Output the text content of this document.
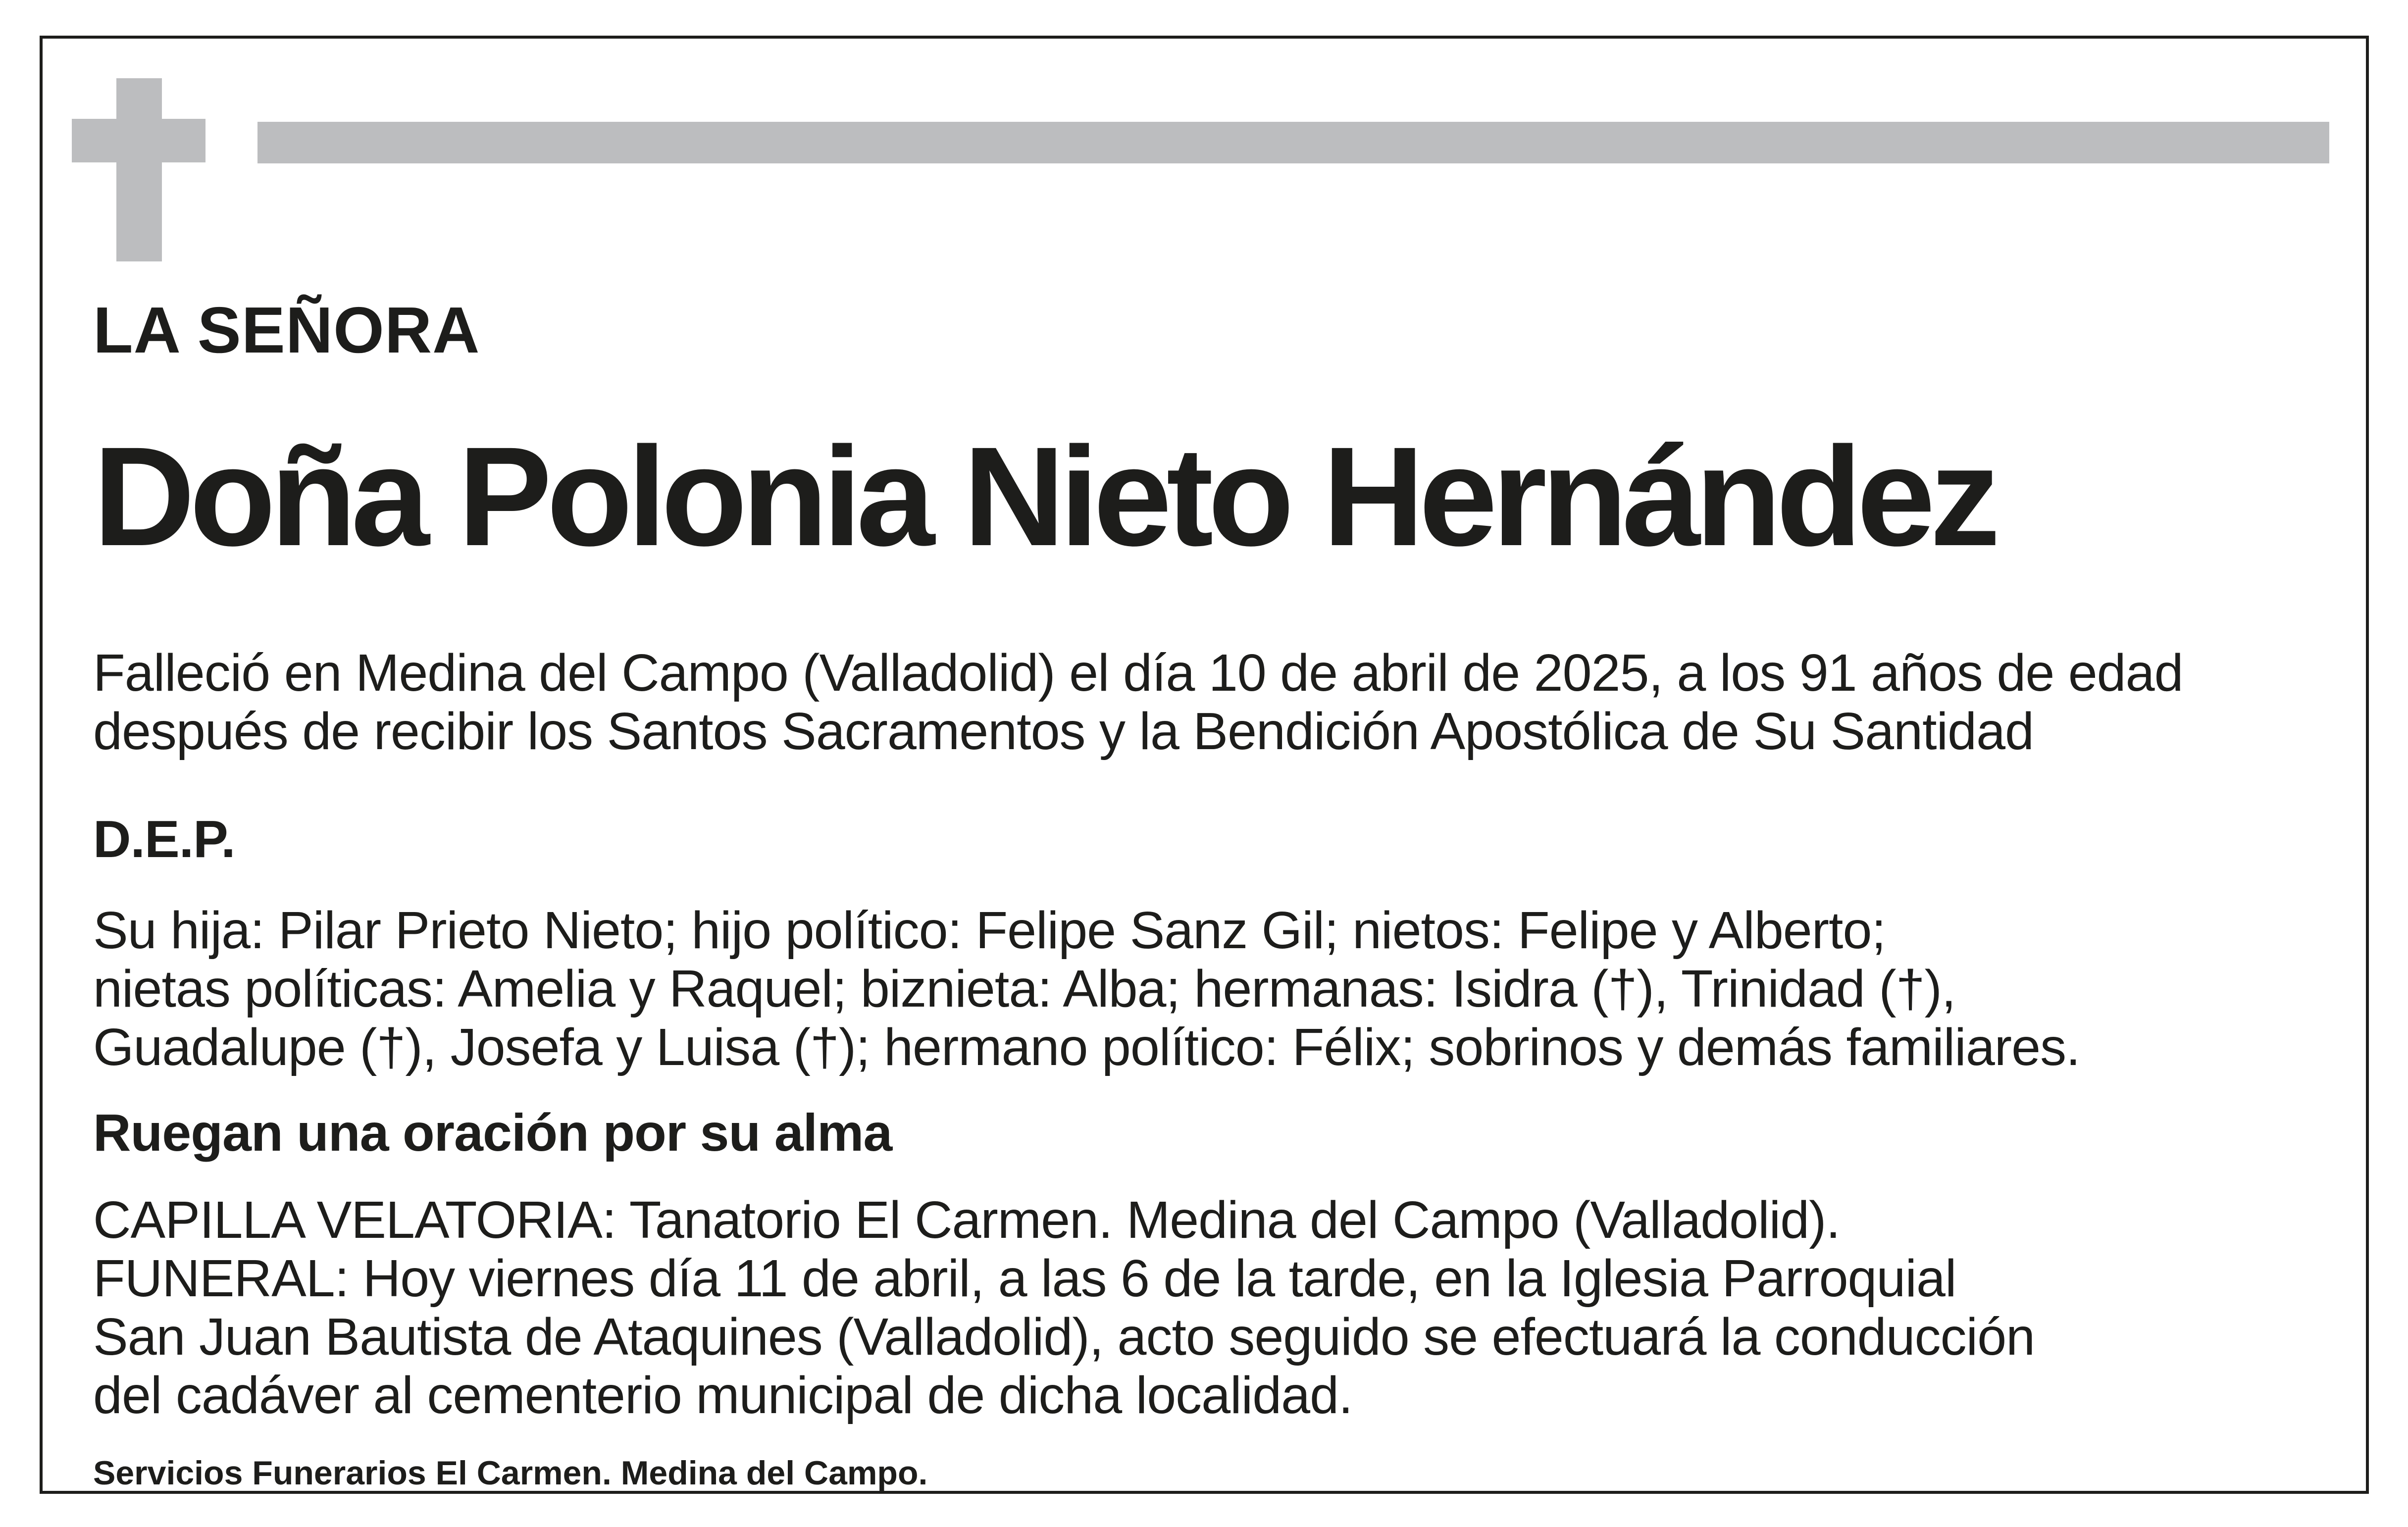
LA SEÑORA
Doña Polonia Nieto Hernández
Falleció en Medina del Campo (Valladolid) el día 10 de abril de 2025, a los 91 años de edad
después de recibir los Santos Sacramentos y la Bendición Apostólica de Su Santidad
D.E.P.
Su hija: Pilar Prieto Nieto; hijo político: Felipe Sanz Gil; nietos: Felipe y Alberto;
nietas políticas: Amelia y Raquel; biznieta: Alba; hermanas: Isidra (†), Trinidad (†),
Guadalupe (†), Josefa y Luisa (†); hermano político: Félix; sobrinos y demás familiares.
Ruegan una oración por su alma
CAPILLA VELATORIA: Tanatorio El Carmen. Medina del Campo (Valladolid).
FUNERAL: Hoy viernes día 11 de abril, a las 6 de la tarde, en la Iglesia Parroquial
San Juan Bautista de Ataquines (Valladolid), acto seguido se efectuará la conducción
del cadáver al cementerio municipal de dicha localidad.
Servicios Funerarios El Carmen. Medina del Campo.
